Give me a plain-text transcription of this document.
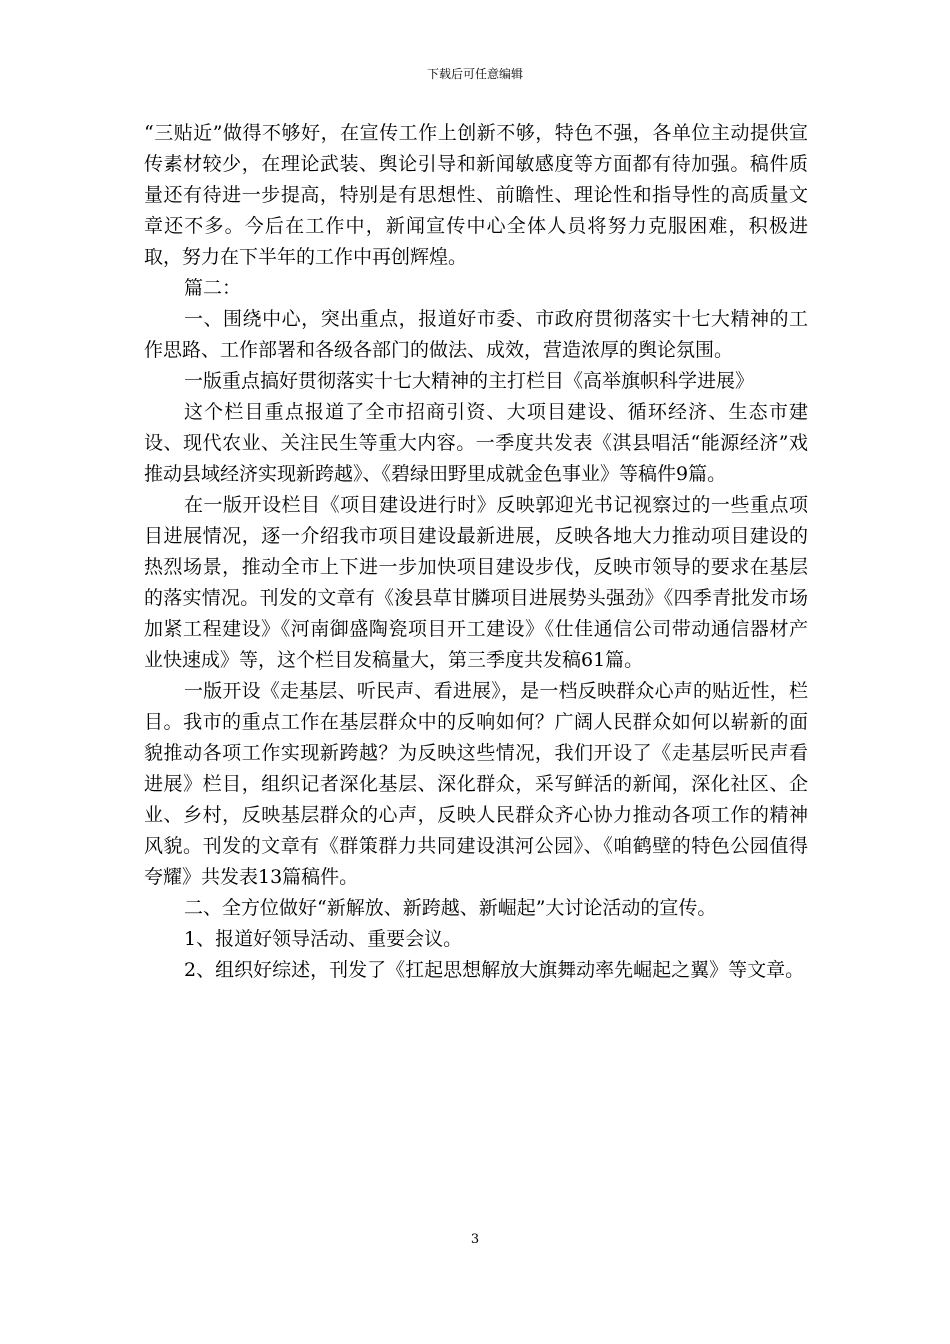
下载后可任意编辑

“三贴近”做得不够好，在宣传工作上创新不够，特色不强，各单位主动提供宣传素材较少，在理论武装、舆论引导和新闻敏感度等方面都有待加强。稿件质量还有待进一步提高，特别是有思想性、前瞻性、理论性和指导性的高质量文章还不多。今后在工作中，新闻宣传中心全体人员将努力克服困难，积极进取，努力在下半年的工作中再创辉煌。

篇二：

一、围绕中心，突出重点，报道好市委、市政府贯彻落实十七大精神的工作思路、工作部署和各级各部门的做法、成效，营造浓厚的舆论氛围。

一版重点搞好贯彻落实十七大精神的主打栏目《高举旗帜科学进展》

这个栏目重点报道了全市招商引资、大项目建设、循环经济、生态市建设、现代农业、关注民生等重大内容。一季度共发表《淇县唱活“能源经济”戏推动县域经济实现新跨越》、《碧绿田野里成就金色事业》等稿件9篇。

在一版开设栏目《项目建设进行时》反映郭迎光书记视察过的一些重点项目进展情况，逐一介绍我市项目建设最新进展，反映各地大力推动项目建设的热烈场景，推动全市上下进一步加快项目建设步伐，反映市领导的要求在基层的落实情况。刊发的文章有《浚县草甘膦项目进展势头强劲》《四季青批发市场加紧工程建设》《河南御盛陶瓷项目开工建设》《仕佳通信公司带动通信器材产业快速成》等，这个栏目发稿量大，第三季度共发稿61篇。

一版开设《走基层、听民声、看进展》，是一档反映群众心声的贴近性，栏目。我市的重点工作在基层群众中的反响如何？广阔人民群众如何以崭新的面貌推动各项工作实现新跨越？为反映这些情况，我们开设了《走基层听民声看进展》栏目，组织记者深化基层、深化群众，采写鲜活的新闻，深化社区、企业、乡村，反映基层群众的心声，反映人民群众齐心协力推动各项工作的精神风貌。刊发的文章有《群策群力共同建设淇河公园》、《咱鹤壁的特色公园值得夸耀》共发表13篇稿件。

二、全方位做好“新解放、新跨越、新崛起”大讨论活动的宣传。

1、报道好领导活动、重要会议。

2、组织好综述，刊发了《扛起思想解放大旗舞动率先崛起之翼》等文章。

3
